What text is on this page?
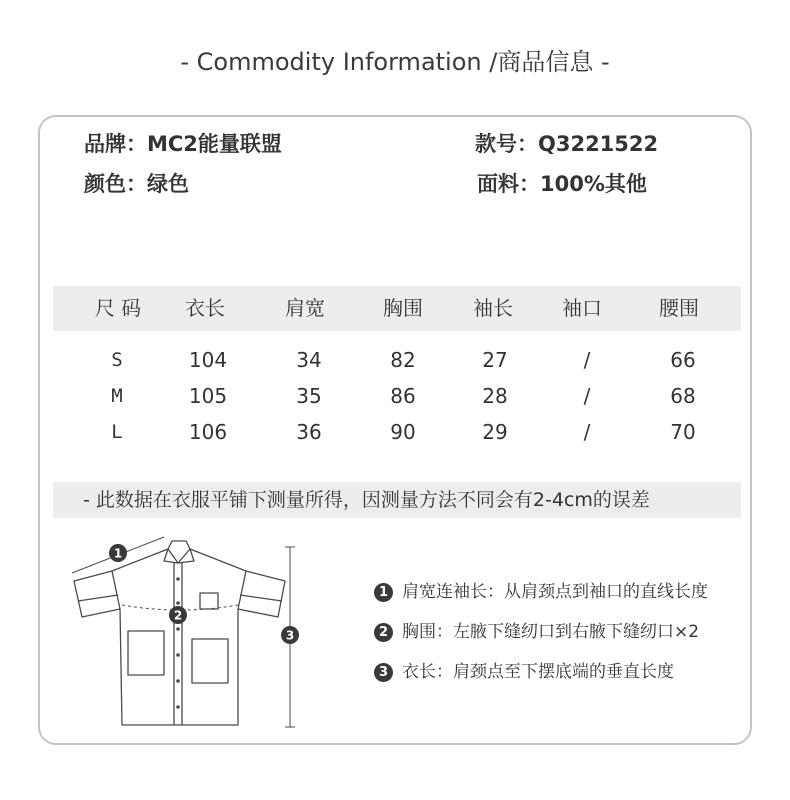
- Commodity Information /商品信息 -
品牌：MC2能量联盟	款号：Q3221522
颜色：绿色	面料：100%其他
尺 码	衣长	肩宽	胸围	袖长	袖口	腰围
S	104	34	82	27	/	66
M	105	35	86	28	/	68
L	106	36	90	29	/	70
- 此数据在衣服平铺下测量所得，因测量方法不同会有2-4cm的误差
1
2
3
1 肩宽连袖长：从肩颈点到袖口的直线长度
2 胸围：左腋下缝纫口到右腋下缝纫口×2
3 衣长：肩颈点至下摆底端的垂直长度
